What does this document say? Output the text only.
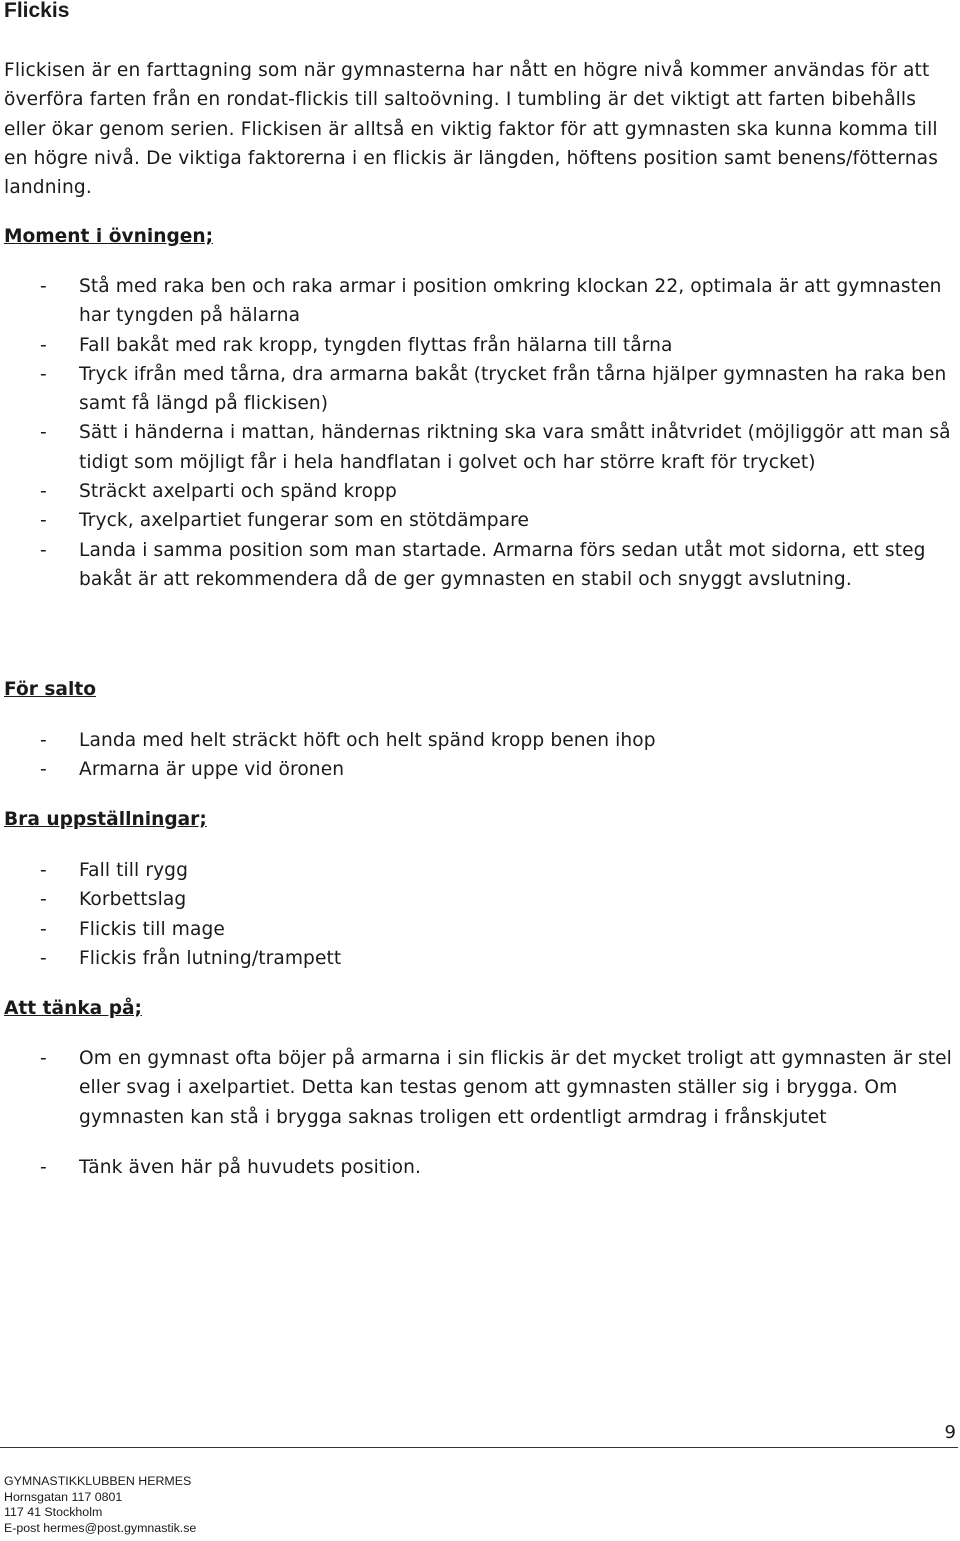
Flickis

Flickisen är en farttagning som när gymnasterna har nått en högre nivå kommer användas för att överföra farten från en rondat-flickis till saltoövning. I tumbling är det viktigt att farten bibehålls eller ökar genom serien. Flickisen är alltså en viktig faktor för att gymnasten ska kunna komma till en högre nivå. De viktiga faktorerna i en flickis är längden, höftens position samt benens/fötternas landning.

Moment i övningen;
- Stå med raka ben och raka armar i position omkring klockan 22, optimala är att gymnasten har tyngden på hälarna
- Fall bakåt med rak kropp, tyngden flyttas från hälarna till tårna
- Tryck ifrån med tårna, dra armarna bakåt (trycket från tårna hjälper gymnasten ha raka ben samt få längd på flickisen)
- Sätt i händerna i mattan, händernas riktning ska vara smått inåtvridet (möjliggör att man så tidigt som möjligt får i hela handflatan i golvet och har större kraft för trycket)
- Sträckt axelparti och spänd kropp
- Tryck, axelpartiet fungerar som en stötdämpare
- Landa i samma position som man startade. Armarna förs sedan utåt mot sidorna, ett steg bakåt är att rekommendera då de ger gymnasten en stabil och snyggt avslutning.
För salto
- Landa med helt sträckt höft och helt spänd kropp benen ihop
- Armarna är uppe vid öronen
Bra uppställningar;
- Fall till rygg
- Korbettslag
- Flickis till mage
- Flickis från lutning/trampett
Att tänka på;
- Om en gymnast ofta böjer på armarna i sin flickis är det mycket troligt att gymnasten är stel eller svag i axelpartiet. Detta kan testas genom att gymnasten ställer sig i brygga. Om gymnasten kan stå i brygga saknas troligen ett ordentligt armdrag i frånskjutet
- Tänk även här på huvudets position.
9
GYMNASTIKKLUBBEN HERMES
Hornsgatan 117 0801
117 41 Stockholm
E-post hermes@post.gymnastik.se
